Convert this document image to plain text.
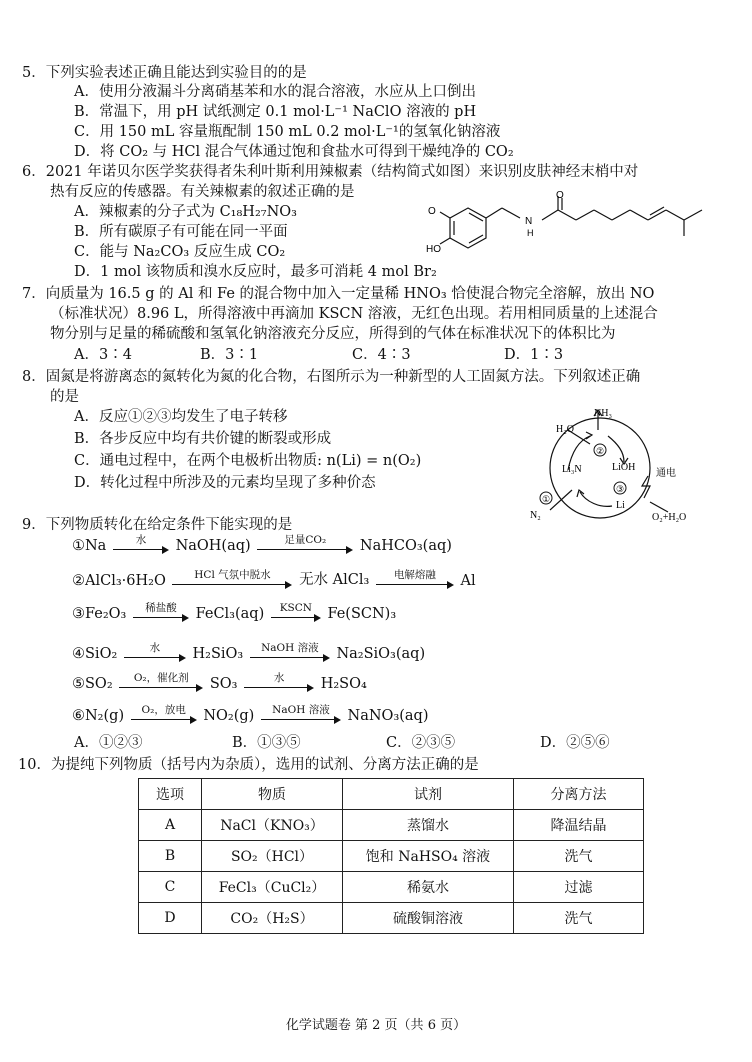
5．下列实验表述正确且能达到实验目的的是
A．使用分液漏斗分离硝基苯和水的混合溶液，水应从上口倒出
B．常温下，用 pH 试纸测定 0.1 mol·L⁻¹ NaClO 溶液的 pH
C．用 150 mL 容量瓶配制 150 mL 0.2 mol·L⁻¹的氢氧化钠溶液
D．将 CO₂ 与 HCl 混合气体通过饱和食盐水可得到干燥纯净的 CO₂
6．2021 年诺贝尔医学奖获得者朱利叶斯利用辣椒素（结构简式如图）来识别皮肤神经末梢中对
热有反应的传感器。有关辣椒素的叙述正确的是
A．辣椒素的分子式为 C₁₈H₂₇NO₃
B．所有碳原子有可能在同一平面
C．能与 Na₂CO₃ 反应生成 CO₂
D．1 mol 该物质和溴水反应时，最多可消耗 4 mol Br₂
O
HO
O
N
H
7．向质量为 16.5 g 的 Al 和 Fe 的混合物中加入一定量稀 HNO₃ 恰使混合物完全溶解，放出 NO
（标准状况）8.96 L，所得溶液中再滴加 KSCN 溶液，无红色出现。若用相同质量的上述混合
物分别与足量的稀硫酸和氢氧化钠溶液充分反应，所得到的气体在标准状况下的体积比为
A．3∶4	B．3∶1	C．4∶3	D．1∶3
8．固氮是将游离态的氮转化为氮的化合物，右图所示为一种新型的人工固氮方法。下列叙述正确
的是
A．反应①②③均发生了电子转移
B．各步反应中均有共价键的断裂或形成
C．通电过程中，在两个电极析出物质: n(Li) = n(O₂)
D．转化过程中所涉及的元素均呈现了多种价态
NH₃
H₂O
Li₃N	LiOH
Li
N₂	O₂+H₂O
通电
①
②
③
9．下列物质转化在给定条件下能实现的是
①Na	水	NaOH(aq)	足量CO₂	NaHCO₃(aq)
②AlCl₃·6H₂O	HCl 气氛中脱水	无水 AlCl₃	电解熔融	Al
③Fe₂O₃	稀盐酸	FeCl₃(aq)	KSCN	Fe(SCN)₃
④SiO₂	水	H₂SiO₃	NaOH 溶液	Na₂SiO₃(aq)
⑤SO₂	O₂，催化剂	SO₃	水	H₂SO₄
⑥N₂(g)	O₂，放电	NO₂(g)	NaOH 溶液	NaNO₃(aq)
A．①②③	B．①③⑤	C．②③⑤	D．②⑤⑥
10．为提纯下列物质（括号内为杂质），选用的试剂、分离方法正确的是
选项	物质	试剂	分离方法
A	NaCl（KNO₃）	蒸馏水	降温结晶
B	SO₂（HCl）	饱和 NaHSO₄ 溶液	洗气
C	FeCl₃（CuCl₂）	稀氨水	过滤
D	CO₂（H₂S）	硫酸铜溶液	洗气
化学试题卷 第 2 页（共 6 页）
